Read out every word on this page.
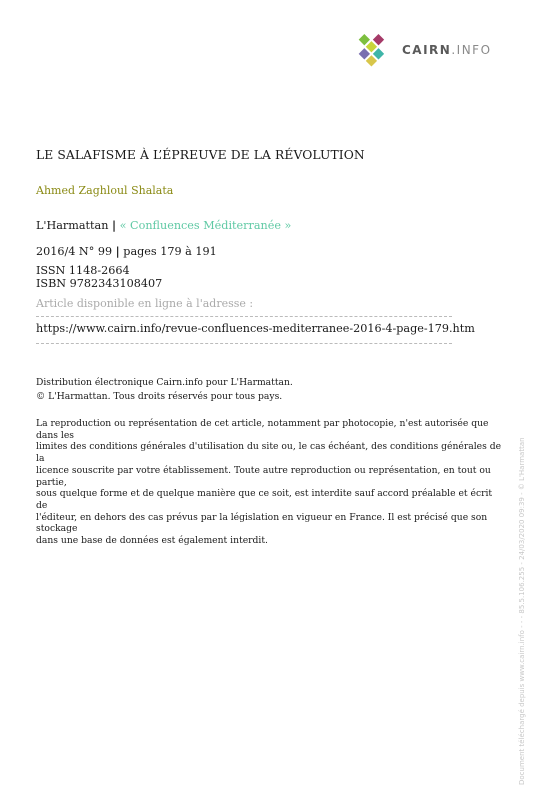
CAIRN.INFO
LE SALAFISME À L’ÉPREUVE DE LA RÉVOLUTION
Ahmed Zaghloul Shalata
L'Harmattan | « Confluences Méditerranée »
2016/4 N° 99 | pages 179 à 191
ISSN 1148-2664
ISBN 9782343108407
Article disponible en ligne à l'adresse :
https://www.cairn.info/revue-confluences-mediterranee-2016-4-page-179.htm
Distribution électronique Cairn.info pour L'Harmattan.
© L'Harmattan. Tous droits réservés pour tous pays.
La reproduction ou représentation de cet article, notamment par photocopie, n'est autorisée que dans les
limites des conditions générales d'utilisation du site ou, le cas échéant, des conditions générales de la
licence souscrite par votre établissement. Toute autre reproduction ou représentation, en tout ou partie,
sous quelque forme et de quelque manière que ce soit, est interdite sauf accord préalable et écrit de
l'éditeur, en dehors des cas prévus par la législation en vigueur en France. Il est précisé que son stockage
dans une base de données est également interdit.	Document téléchargé depuis www.cairn.info - - - 85.5.106.255 - 24/03/2020 09:39 - © L'Harmattan
